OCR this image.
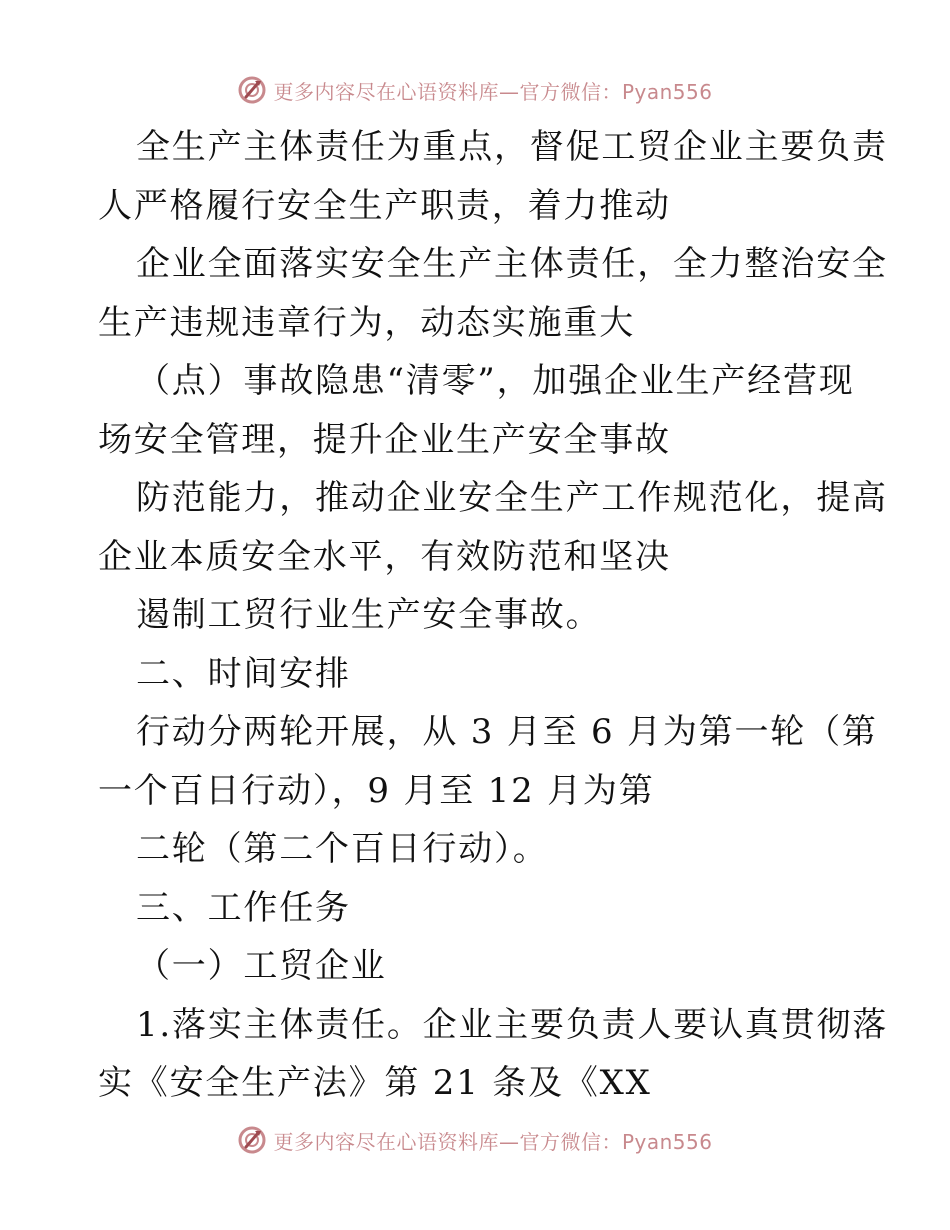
更多内容尽在心语资料库—官方微信：Pyan556
全生产主体责任为重点，督促工贸企业主要负责
人严格履行安全生产职责，着力推动
企业全面落实安全生产主体责任，全力整治安全
生产违规违章行为，动态实施重大
（点）事故隐患“清零”，加强企业生产经营现
场安全管理，提升企业生产安全事故
防范能力，推动企业安全生产工作规范化，提高
企业本质安全水平，有效防范和坚决
遏制工贸行业生产安全事故。
二、时间安排
行动分两轮开展，从 3 月至 6 月为第一轮（第
一个百日行动），9 月至 12 月为第
二轮（第二个百日行动）。
三、工作任务
（一）工贸企业
1.落实主体责任。企业主要负责人要认真贯彻落
实《安全生产法》第 21 条及《XX
更多内容尽在心语资料库—官方微信：Pyan556
